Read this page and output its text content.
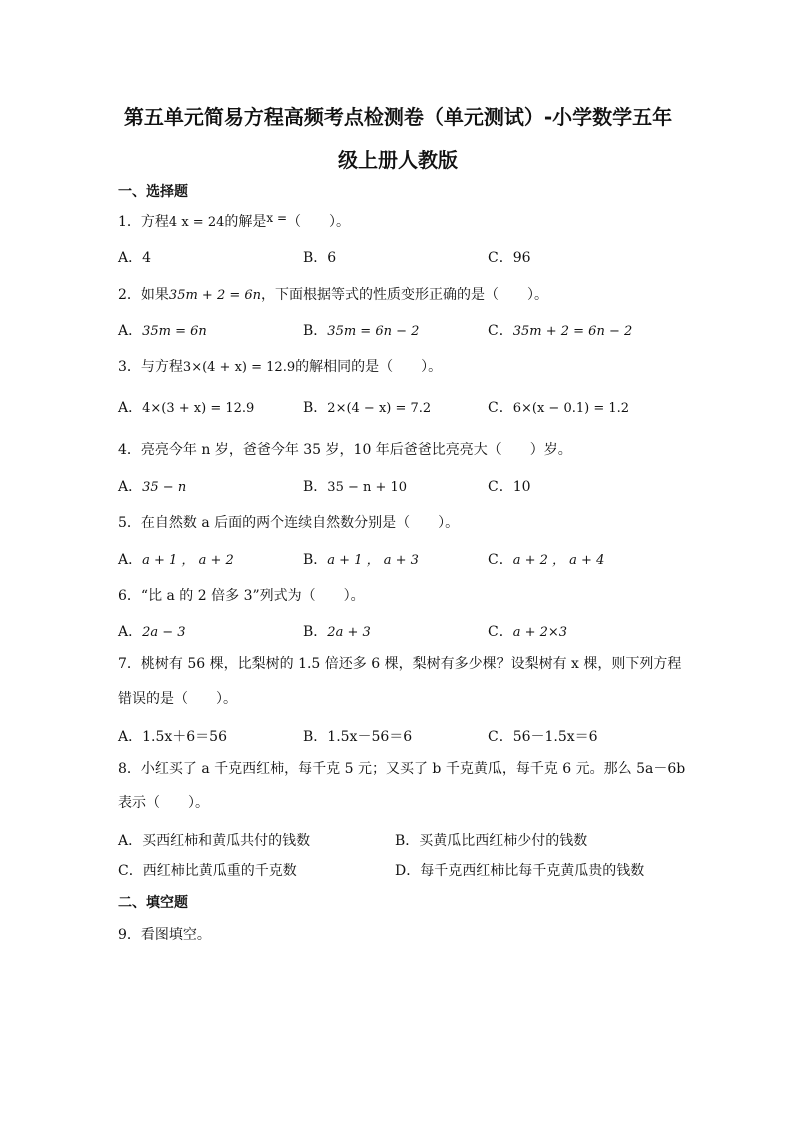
第五单元简易方程高频考点检测卷（单元测试）-小学数学五年
级上册人教版
一、选择题
1．方程4 x = 24的解是x =（　　）。
A．4	B．6	C．96
2．如果35m + 2 = 6n，下面根据等式的性质变形正确的是（　　）。
A．35m = 6n	B．35m = 6n − 2	C．35m + 2 = 6n − 2
3．与方程3×(4 + x) = 12.9的解相同的是（　　）。
A．4×(3 + x) = 12.9	B．2×(4 − x) = 7.2	C．6×(x − 0.1) = 1.2
4．亮亮今年 n 岁，爸爸今年 35 岁，10 年后爸爸比亮亮大（　　）岁。
A．35 − n	B．35 − n + 10	C．10
5．在自然数 a 后面的两个连续自然数分别是（　　）。
A．a + 1 ， a + 2	B．a + 1 ， a + 3	C．a + 2 ， a + 4
6．“比 a 的 2 倍多 3”列式为（　　）。
A．2a − 3	B．2a + 3	C．a + 2×3
7．桃树有 56 棵，比梨树的 1.5 倍还多 6 棵，梨树有多少棵？设梨树有 x 棵，则下列方程
错误的是（　　）。
A．1.5x＋6＝56	B．1.5x－56＝6	C．56－1.5x＝6
8．小红买了 a 千克西红柿，每千克 5 元；又买了 b 千克黄瓜，每千克 6 元。那么 5a－6b
表示（　　）。
A．买西红柿和黄瓜共付的钱数	B．买黄瓜比西红柿少付的钱数
C．西红柿比黄瓜重的千克数	D．每千克西红柿比每千克黄瓜贵的钱数
二、填空题
9．看图填空。
